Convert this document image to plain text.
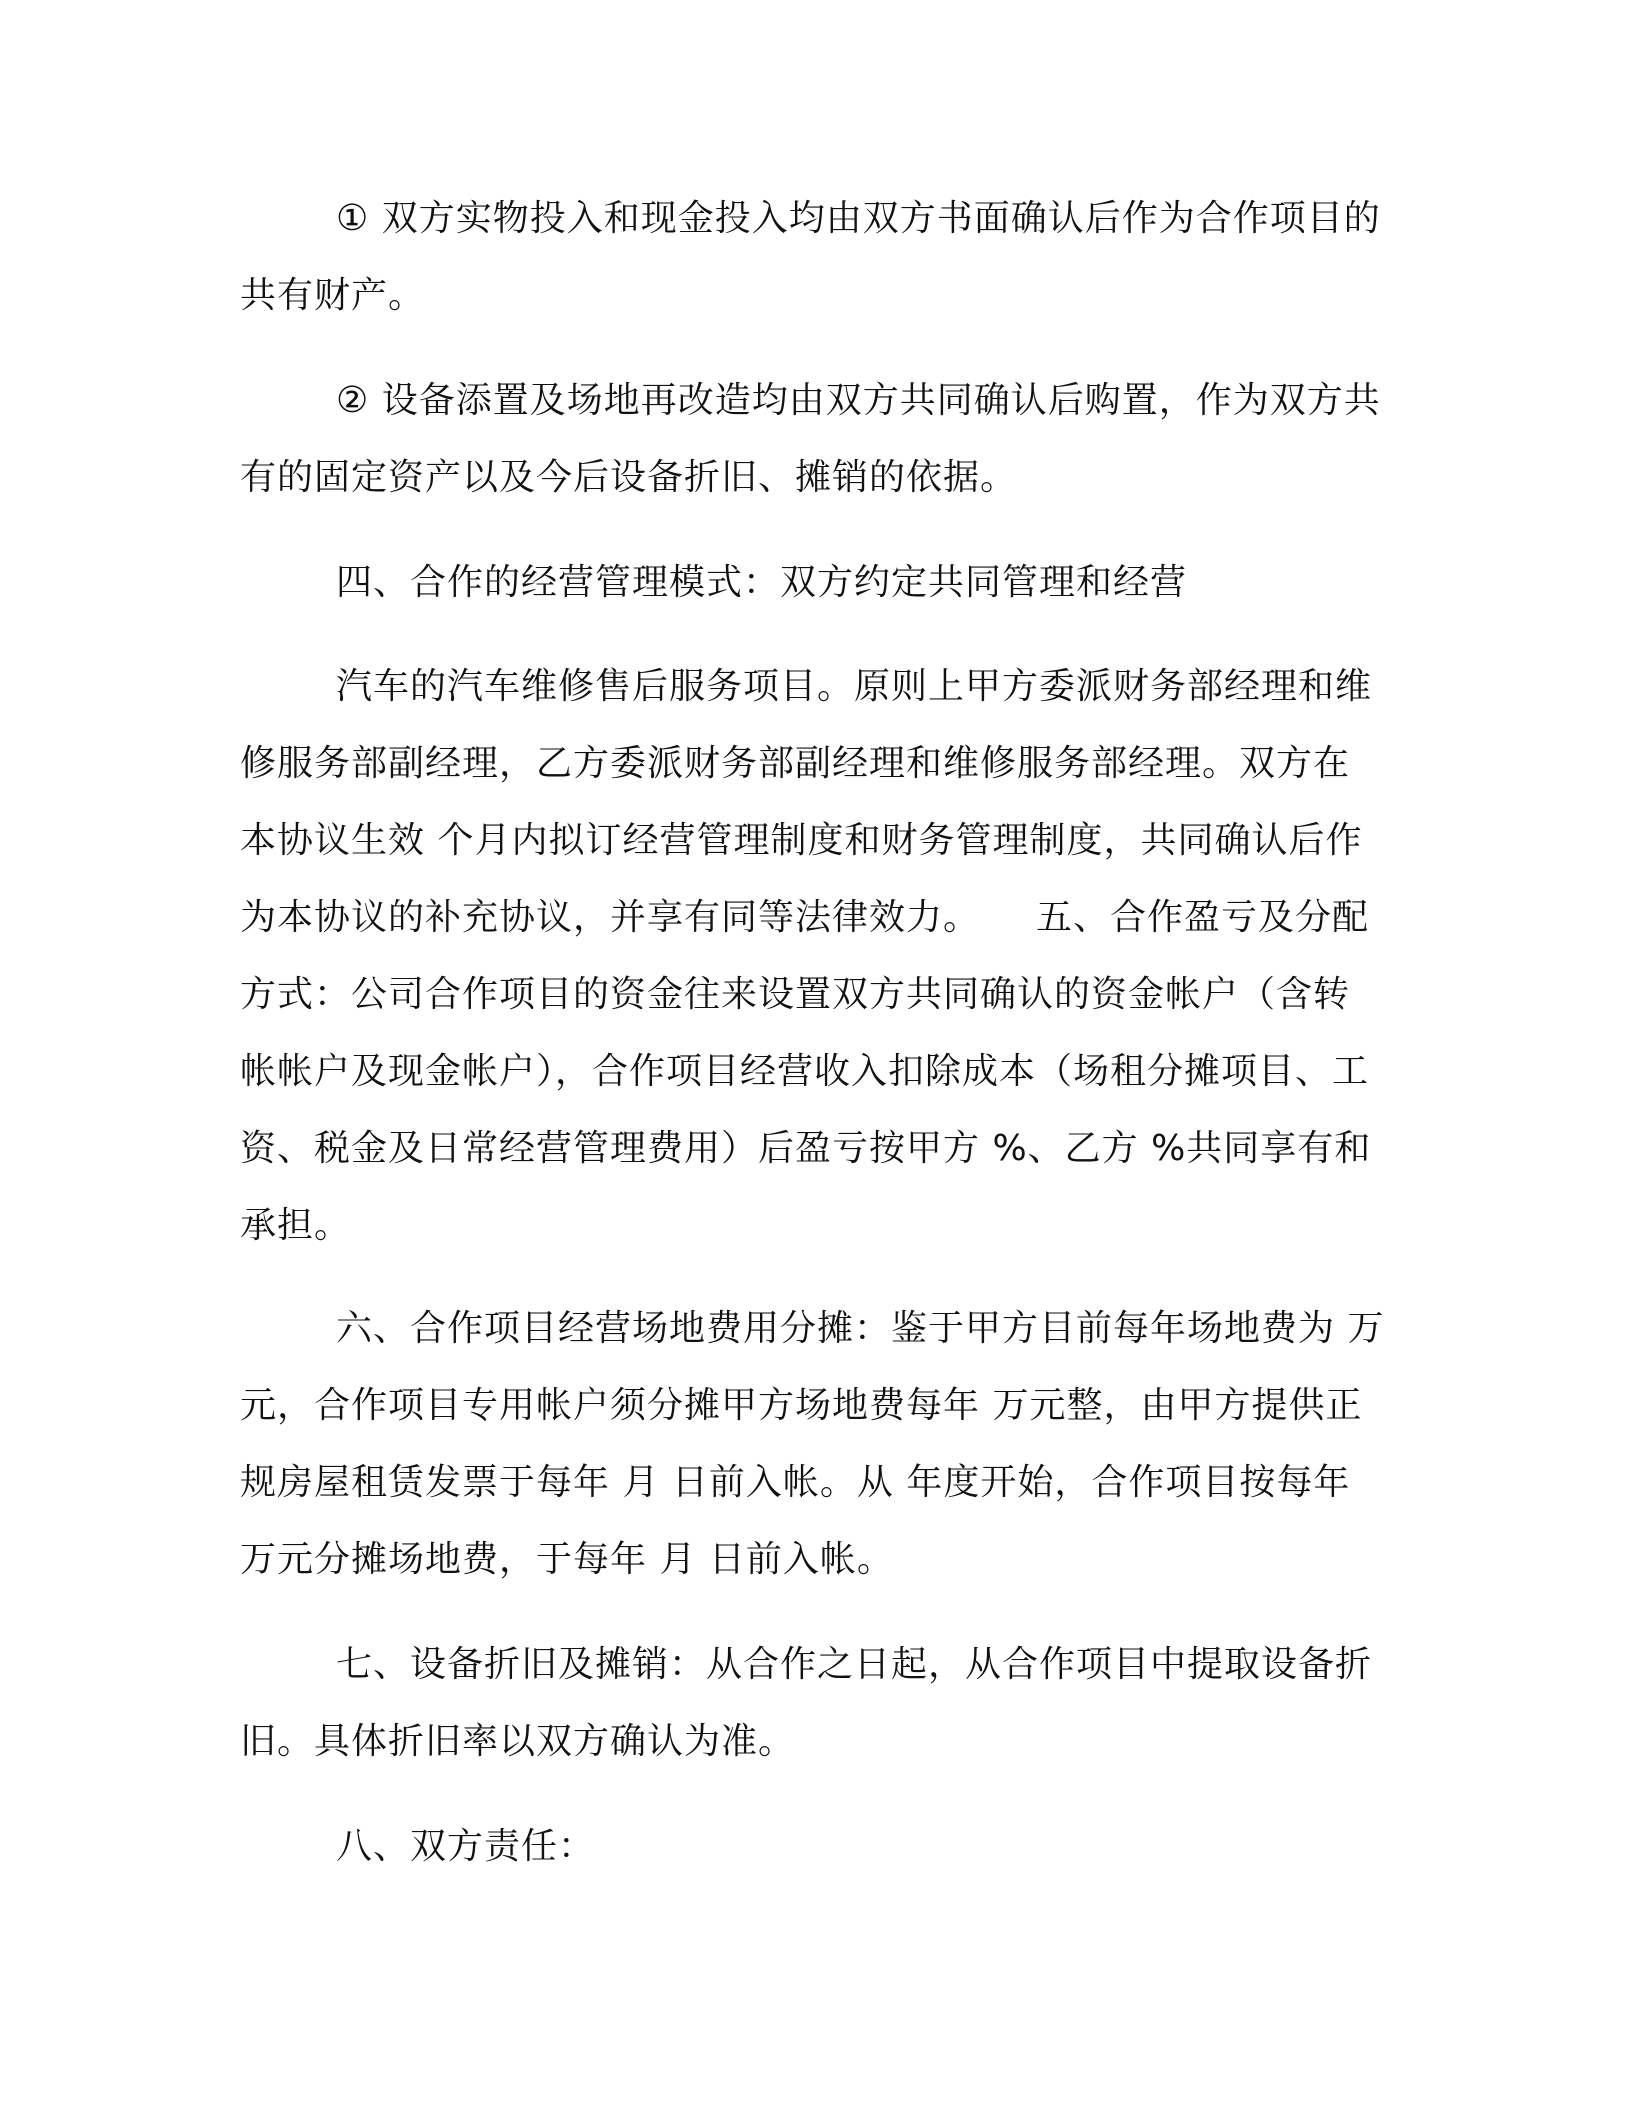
① 双方实物投入和现金投入均由双方书面确认后作为合作项目的共有财产。

② 设备添置及场地再改造均由双方共同确认后购置，作为双方共有的固定资产以及今后设备折旧、摊销的依据。

四、合作的经营管理模式：双方约定共同管理和经营

汽车的汽车维修售后服务项目。原则上甲方委派财务部经理和维修服务部副经理，乙方委派财务部副经理和维修服务部经理。双方在本协议生效 个月内拟订经营管理制度和财务管理制度，共同确认后作为本协议的补充协议，并享有同等法律效力。　　五、合作盈亏及分配方式：公司合作项目的资金往来设置双方共同确认的资金帐户（含转帐帐户及现金帐户），合作项目经营收入扣除成本（场租分摊项目、工资、税金及日常经营管理费用）后盈亏按甲方 %、乙方 %共同享有和承担。

六、合作项目经营场地费用分摊：鉴于甲方目前每年场地费为 万元，合作项目专用帐户须分摊甲方场地费每年 万元整，由甲方提供正规房屋租赁发票于每年 月 日前入帐。从 年度开始，合作项目按每年 万元分摊场地费，于每年 月 日前入帐。

七、设备折旧及摊销：从合作之日起，从合作项目中提取设备折旧。具体折旧率以双方确认为准。

八、双方责任：
